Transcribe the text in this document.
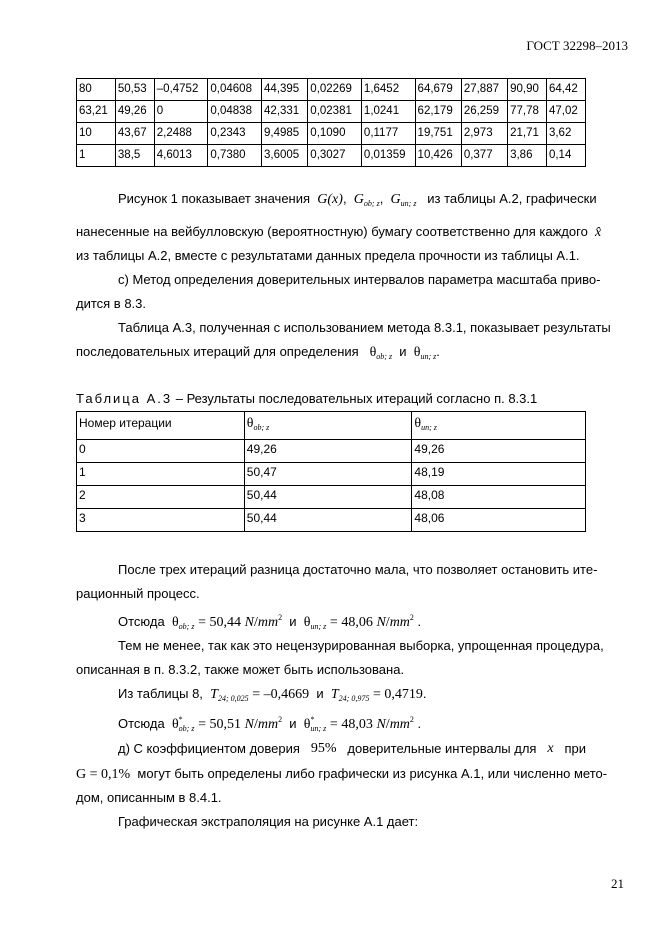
ГОСТ 32298–2013
80	50,53	–0,4752	0,04608	44,395	0,02269	1,6452	64,679	27,887	90,90	64,42
63,21	49,26	0	0,04838	42,331	0,02381	1,0241	62,179	26,259	77,78	47,02
10	43,67	2,2488	0,2343	9,4985	0,1090	0,1177	19,751	2,973	21,71	3,62
1	38,5	4,6013	0,7380	3,6005	0,3027	0,01359	10,426	0,377	3,86	0,14
Рисунок 1 показывает значения G(x),  $G_{ob; z}$,  $G_{un; z}$ из таблицы А.2, графически
нанесенные на вейбулловскую (вероятностную) бумагу соответственно для каждого x̂
из таблицы А.2, вместе с результатами данных предела прочности из таблицы А.1.
с) Метод определения доверительных интервалов параметра масштаба приво-
дится в 8.3.
Таблица А.3, полученная с использованием метода 8.3.1, показывает результаты
последовательных итераций для определения $\theta_{ob; z}$ и $\theta_{un; z}$.
Таблица А.3 – Результаты последовательных итераций согласно п. 8.3.1
Номер итерации	$\theta_{ob; z}$	$\theta_{un; z}$
0	49,26	49,26
1	50,47	48,19
2	50,44	48,08
3	50,44	48,06
После трех итераций разница достаточно мала, что позволяет остановить ите-
рационный процесс.
Отсюда $\theta_{ob; z} = 50,44$ $N/mm^2$ и $\theta_{un; z} = 48,06$ $N/mm^2$ .
Тем не менее, так как это нецензурированная выборка, упрощенная процедура,
описанная в п. 8.3.2, также может быть использована.
Из таблицы 8, $T_{24; 0,025} = -0,4669$ и $T_{24; 0,975} = 0,4719$.
Отсюда $\theta^*_{ob; z} = 50,51$ $N/mm^2$ и $\theta^*_{un; z} = 48,03$ $N/mm^2$ .
д) С коэффициентом доверия 95% доверительные интервалы для x при
G = 0,1% могут быть определены либо графически из рисунка А.1, или численно мето-
дом, описанным в 8.4.1.
Графическая экстраполяция на рисунке А.1 дает:
21
